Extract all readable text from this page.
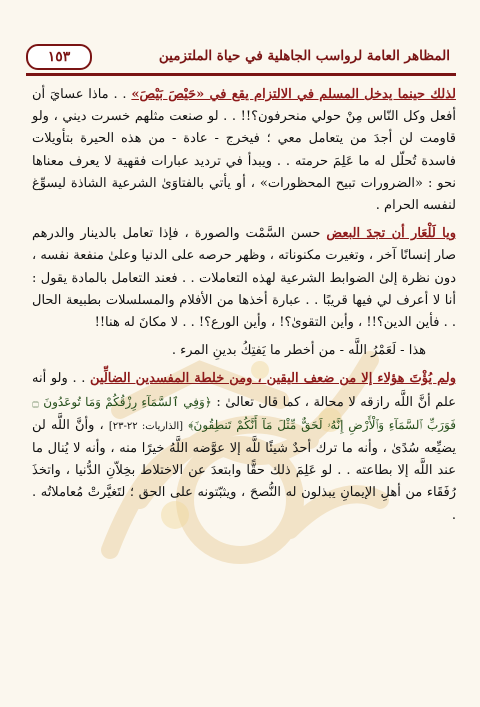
المظاهر العامة لرواسب الجاهلية في حياة الملتزمين
١٥٣

لذلك حينما يدخل المسلم في الالتزام يقع في «حَيْصَ بَيْصَ» . . ماذا عسايَ أن أفعل وكل النّاس مِنْ حولي منحرفون؟!! . . لو صنعت مثلهم خسرت ديني ، ولو قاومت لن أجدَ من يتعامل معي ؛ فيخرج - عادة - من هذه الحيرة بتأويلات فاسدة تُحلّل له ما عَلِمَ حرمته . . ويبدأ في ترديد عبارات فقهية لا يعرف معناها نحو : «الضرورات تبيح المحظورات» ، أو يأتي بالفتاوَىٰ الشرعية الشاذة ليسوِّغ لنفسه الحرام .

ويا لَلْعَار أن تجدَ البعض حسن السَّمْت والصورة ، فإذا تعامل بالدينار والدرهم صار إنسانًا آخر ، وتغيرت مكنوناته ، وظهر حرصه على الدنيا وعلىٰ منفعة نفسه ، دون نظرة إلىٰ الضوابط الشرعية لهذه التعاملات . . فعند التعامل بالمادة يقول : أنا لا أعرف لي فيها قريبًا . . عبارة أخذها من الأفلام والمسلسلات بطبيعة الحال . . فأين الدين؟!! ، وأين التقوىٰ؟! ، وأين الورع؟! . . لا مكانَ له هنا!!

هذا - لَعَمْرُ اللَّه - من أخطر ما يَفتِكُ بدينِ المرء .

ولم يُؤْتَ هؤلاء إلا من ضعف اليقين ، ومن خلطة المفسدين الضالِّين . . ولو أنه علم أنَّ اللَّه رازقه لا محالة ، كما قال تعالىٰ : ﴿وَفِي ٱلسَّمَآءِ رِزْقُكُمْ وَمَا تُوعَدُونَ ۝ فَوَرَبِّ ٱلسَّمَآءِ وَٱلْأَرْضِ إِنَّهُۥ لَحَقٌّ مِّثْلَ مَآ أَنَّكُمْ تَنطِقُونَ﴾ [الذاريات: ٢٢-٢٣] ، وأنَّ اللَّه لن يضيِّعه سُدًىٰ ، وأنه ما ترك أحدٌ شيئًا للَّه إلا عوَّضه اللَّهُ خيرًا منه ، وأنه لا يُنال ما عند اللَّه إلا بطاعته . . لو عَلِمَ ذلك حقًّا وابتعدَ عن الاختلاط بخِلاّنِ الدُّنيا ، واتخذَ رُفَقَاء من أهلِ الإيمانِ يبذلون له النُّصحَ ، ويثبّتونه على الحق ؛ لتَغيَّرتْ مُعاملاتُه . .
